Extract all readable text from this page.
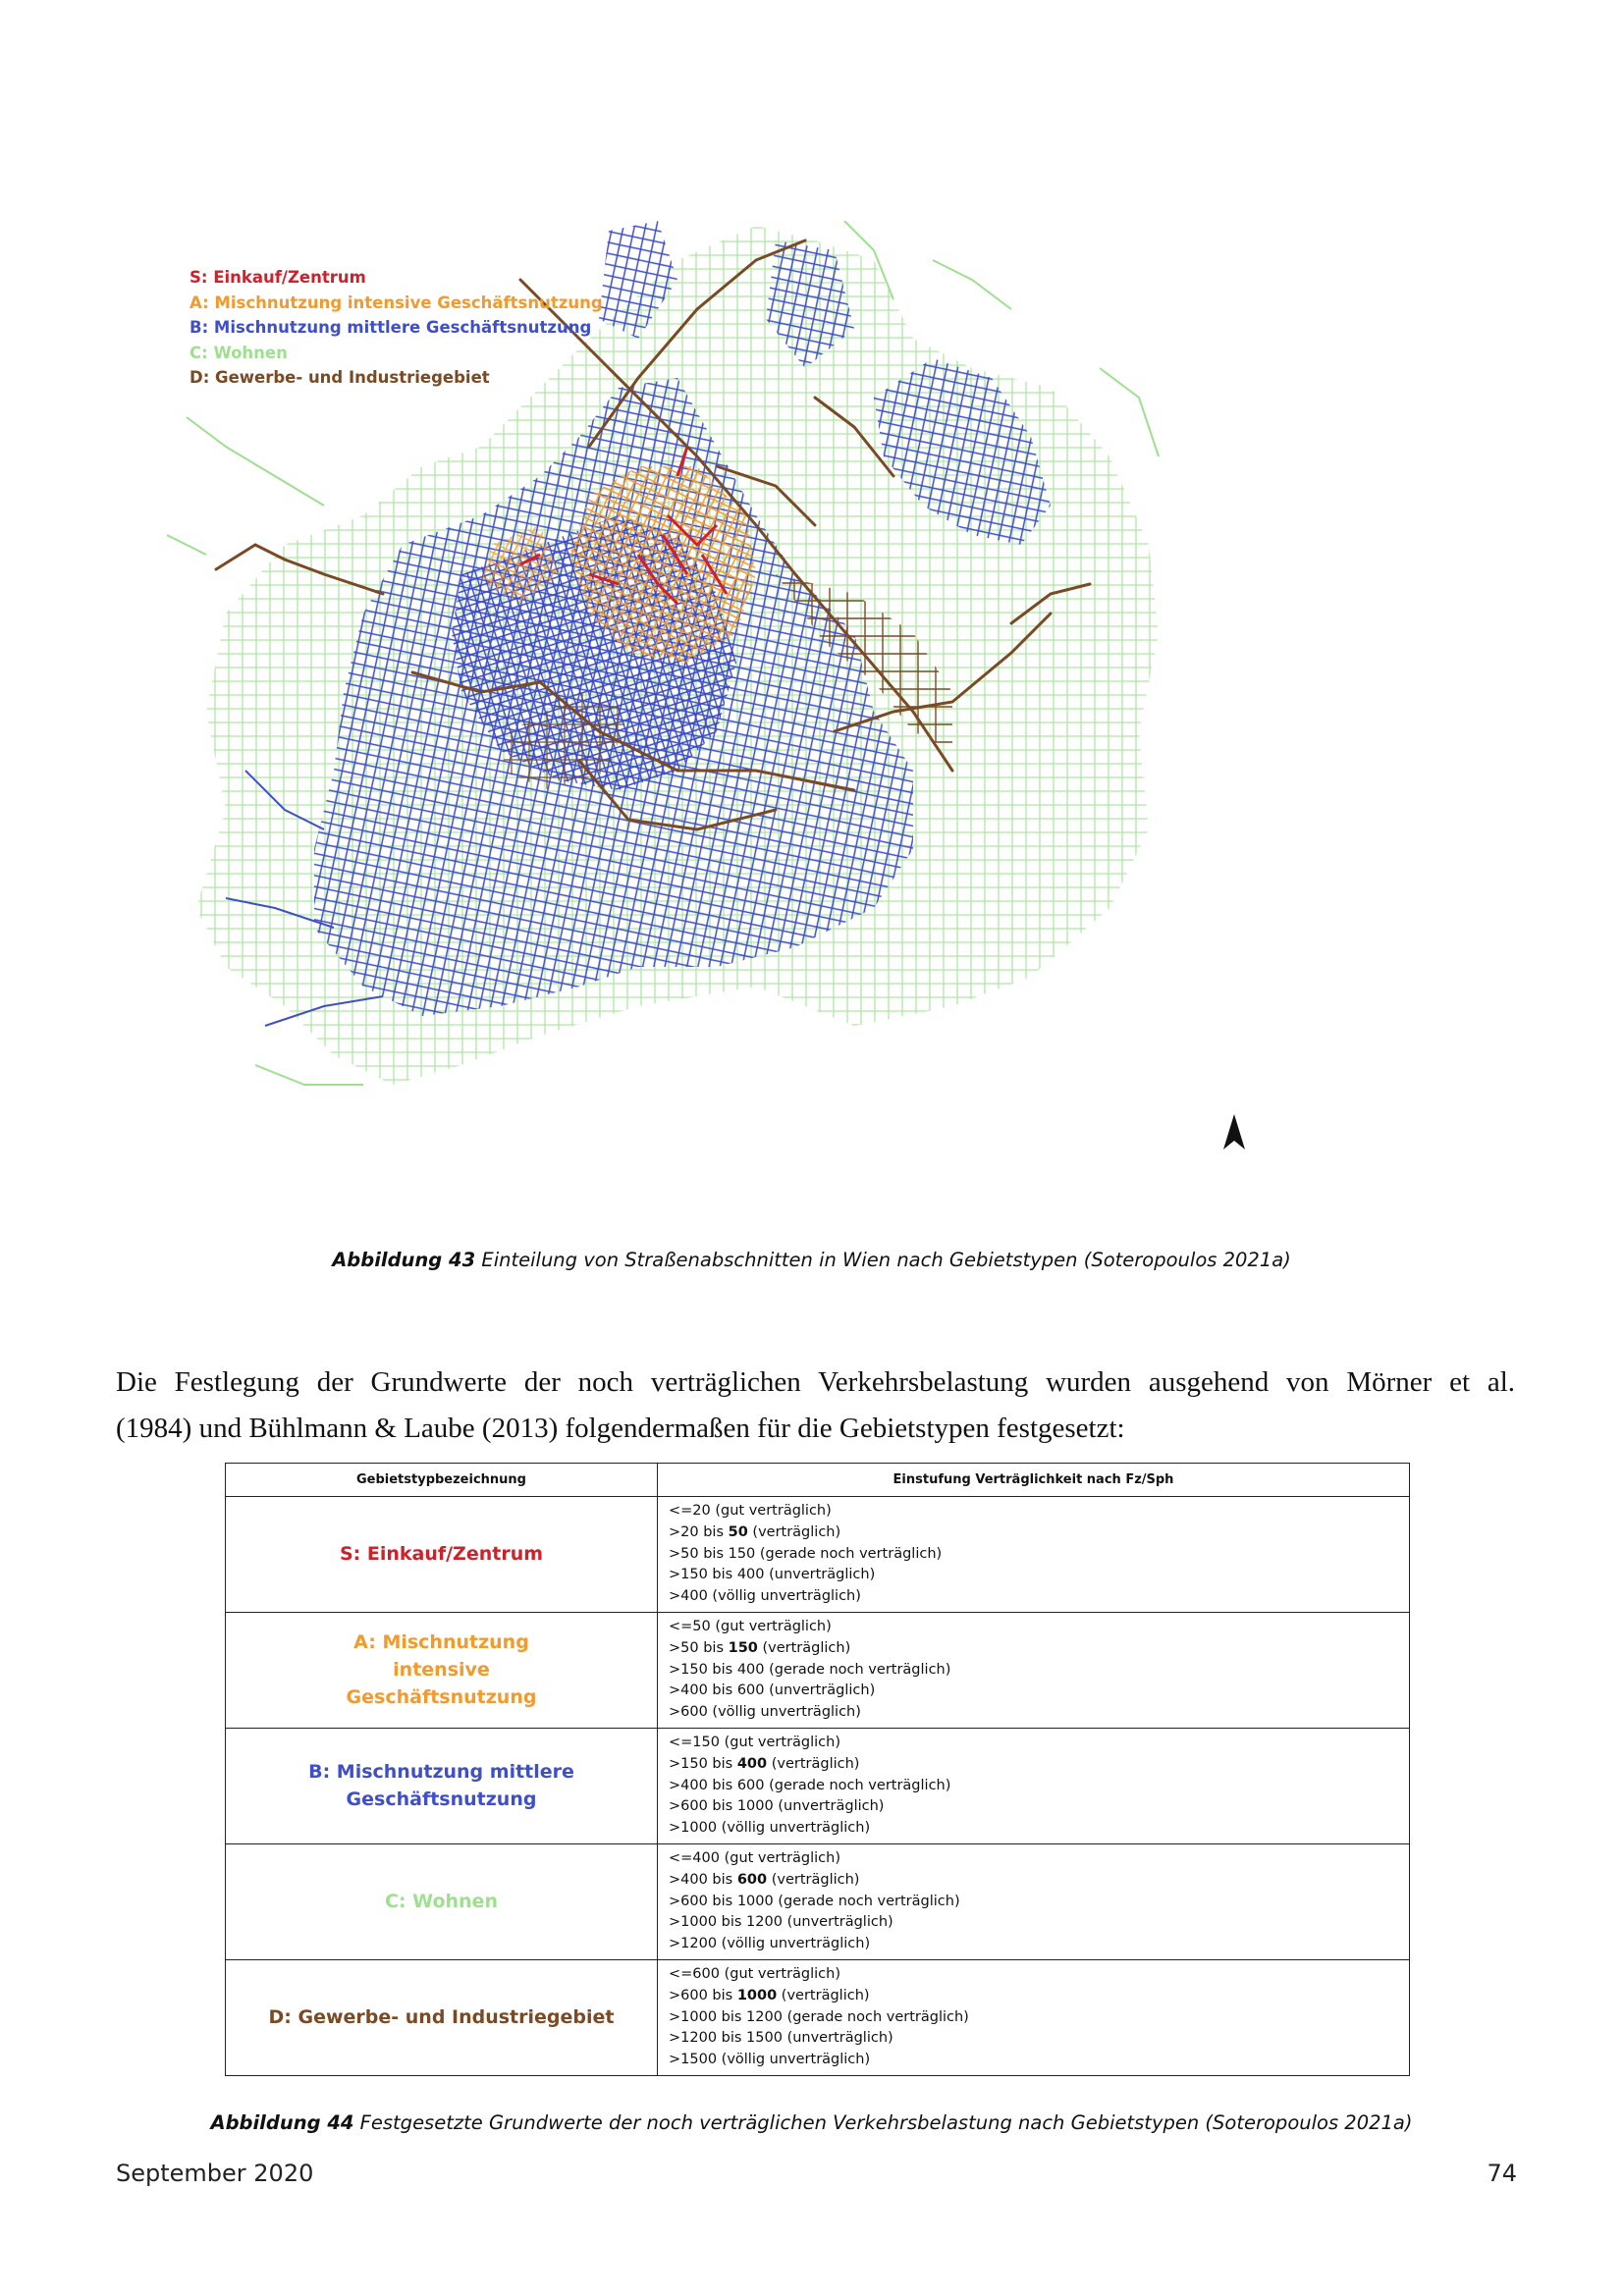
S: Einkauf/Zentrum
A: Mischnutzung intensive Geschäftsnutzung
B: Mischnutzung mittlere Geschäftsnutzung
C: Wohnen
D: Gewerbe- und Industriegebiet
Abbildung 43 Einteilung von Straßenabschnitten in Wien nach Gebietstypen (Soteropoulos 2021a)
Die Festlegung der Grundwerte der noch verträglichen Verkehrsbelastung wurden ausgehend von Mörner et al.
(1984) und Bühlmann & Laube (2013) folgendermaßen für die Gebietstypen festgesetzt:
Gebietstypbezeichnung	Einstufung Verträglichkeit nach Fz/Sph
S: Einkauf/Zentrum	<=20 (gut verträglich)
>20 bis 50 (verträglich)
>50 bis 150 (gerade noch verträglich)
>150 bis 400 (unverträglich)
>400 (völlig unverträglich)

A: Mischnutzung intensive Geschäftsnutzung	<=50 (gut verträglich)
>50 bis 150 (verträglich)
>150 bis 400 (gerade noch verträglich)
>400 bis 600 (unverträglich)
>600 (völlig unverträglich)

B: Mischnutzung mittlere Geschäftsnutzung	<=150 (gut verträglich)
>150 bis 400 (verträglich)
>400 bis 600 (gerade noch verträglich)
>600 bis 1000 (unverträglich)
>1000 (völlig unverträglich)

C: Wohnen	<=400 (gut verträglich)
>400 bis 600 (verträglich)
>600 bis 1000 (gerade noch verträglich)
>1000 bis 1200 (unverträglich)
>1200 (völlig unverträglich)

D: Gewerbe- und Industriegebiet	<=600 (gut verträglich)
>600 bis 1000 (verträglich)
>1000 bis 1200 (gerade noch verträglich)
>1200 bis 1500 (unverträglich)
>1500 (völlig unverträglich)
Abbildung 44 Festgesetzte Grundwerte der noch verträglichen Verkehrsbelastung nach Gebietstypen (Soteropoulos 2021a)
September 2020	74
